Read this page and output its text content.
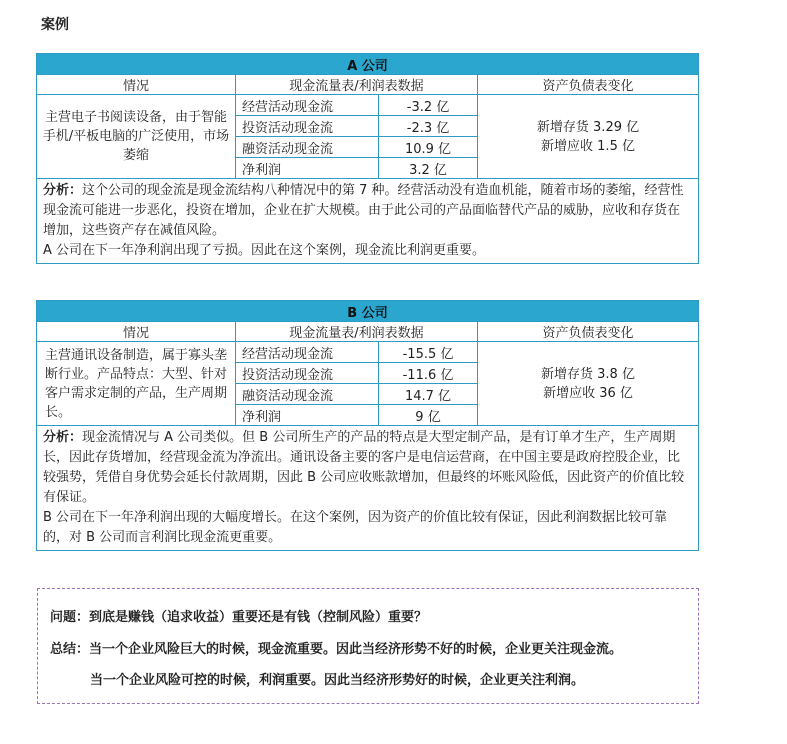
案例
A 公司			
情况	现金流量表/利润表数据		资产负债表变化
主营电子书阅读设备，由于智能手机/平板电脑的广泛使用，市场萎缩	经营活动现金流	-3.2 亿	新增存货 3.29 亿
新增应收 1.5 亿

	投资活动现金流	-2.3 亿	
	融资活动现金流	10.9 亿	
	净利润	3.2 亿	
分析：这个公司的现金流是现金流结构八种情况中的第 7 种。经营活动没有造血机能，随着市场的萎缩，经营性现金流可能进一步恶化，投资在增加，企业在扩大规模。由于此公司的产品面临替代产品的威胁，应收和存货在增加，这些资产存在减值风险。
A 公司在下一年净利润出现了亏损。因此在这个案例，现金流比利润更重要。			
B 公司			
情况	现金流量表/利润表数据		资产负债表变化
主营通讯设备制造，属于寡头垄断行业。产品特点：大型、针对客户需求定制的产品，生产周期长。	经营活动现金流	-15.5 亿	新增存货 3.8 亿
新增应收 36 亿

	投资活动现金流	-11.6 亿	
	融资活动现金流	14.7 亿	
	净利润	9 亿	
分析：现金流情况与 A 公司类似。但 B 公司所生产的产品的特点是大型定制产品，是有订单才生产，生产周期长，因此存货增加，经营现金流为净流出。通讯设备主要的客户是电信运营商，在中国主要是政府控股企业，比较强势，凭借自身优势会延长付款周期，因此 B 公司应收账款增加，但最终的坏账风险低，因此资产的价值比较有保证。
B 公司在下一年净利润出现的大幅度增长。在这个案例，因为资产的价值比较有保证，因此利润数据比较可靠的，对 B 公司而言利润比现金流更重要。			

问题：到底是赚钱（追求收益）重要还是有钱（控制风险）重要？

总结：当一个企业风险巨大的时候，现金流重要。因此当经济形势不好的时候，企业更关注现金流。

当一个企业风险可控的时候，利润重要。因此当经济形势好的时候，企业更关注利润。
